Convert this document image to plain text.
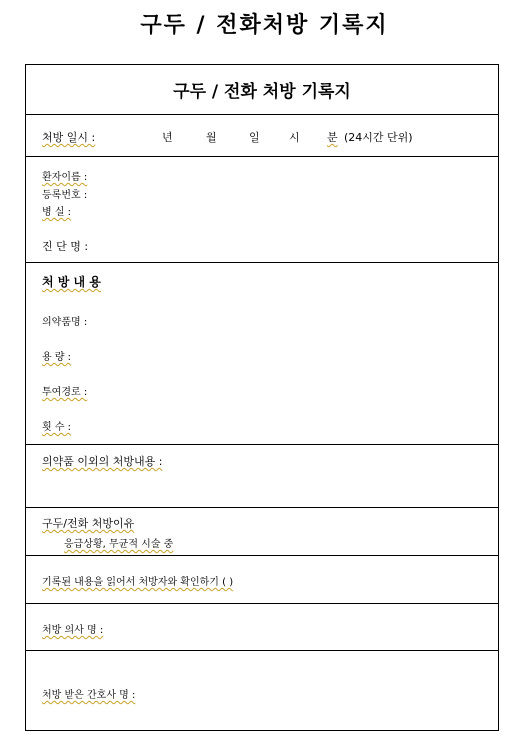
구두 / 전화처방 기록지
구두 / 전화 처방 기록지
처방 일시 :	년	월	일	시 분 (24시간 단위)
환자이름 :
등록번호 :
병 실 :
진 단 명 :
처 방 내 용
의약품명 :
용 량 :
투여경로 :
횟 수 :
의약품 이외의 처방내용 :
구두/전화 처방이유
응급상황, 무균적 시술 중
기록된 내용을 읽어서 처방자와 확인하기 ( )
처방 의사 명 :
처방 받은 간호사 명 :
